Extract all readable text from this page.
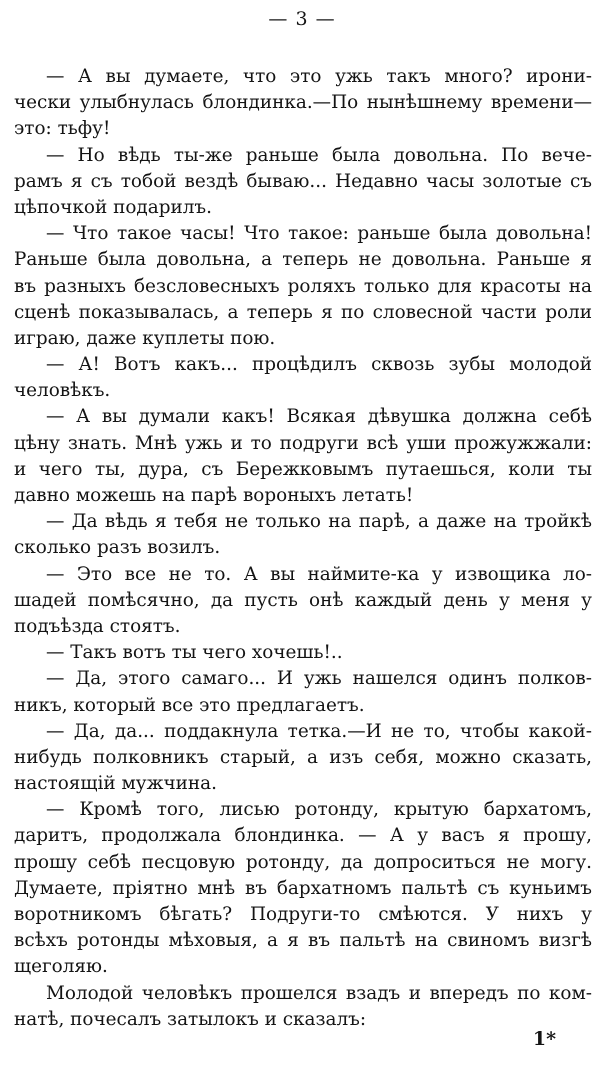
— 3 —
— А вы думаете, что это ужь такъ много? ирони-
чески улыбнулась блондинка.—По нынѣшнему времени—
это: тьфу!
— Но вѣдь ты-же раньше была довольна. По вече-
рамъ я съ тобой вездѣ бываю... Недавно часы золотые съ
цѣпочкой подарилъ.
— Что такое часы! Что такое: раньше была довольна!
Раньше была довольна, а теперь не довольна. Раньше я
въ разныхъ безсловесныхъ роляхъ только для красоты на
сценѣ показывалась, а теперь я по словесной части роли
играю, даже куплеты пою.
— А! Вотъ какъ... процѣдилъ сквозь зубы молодой
человѣкъ.
— А вы думали какъ! Всякая дѣвушка должна себѣ
цѣну знать. Мнѣ ужь и то подруги всѣ уши прожужжали:
и чего ты, дура, съ Бережковымъ путаешься, коли ты
давно можешь на парѣ вороныхъ летать!
— Да вѣдь я тебя не только на парѣ, а даже на тройкѣ
сколько разъ возилъ.
— Это все не то. А вы наймите-ка у извощика ло-
шадей помѣсячно, да пусть онѣ каждый день у меня у
подъѣзда стоятъ.
— Такъ вотъ ты чего хочешь!..
— Да, этого самаго... И ужь нашелся одинъ полков-
никъ, который все это предлагаетъ.
— Да, да... поддакнула тетка.—И не то, чтобы какой-
нибудь полковникъ старый, а изъ себя, можно сказать,
настоящій мужчина.
— Кромѣ того, лисью ротонду, крытую бархатомъ,
даритъ, продолжала блондинка. — А у васъ я прошу,
прошу себѣ песцовую ротонду, да допроситься не могу.
Думаете, пріятно мнѣ въ бархатномъ пальтѣ съ куньимъ
воротникомъ бѣгать? Подруги-то смѣются. У нихъ у
всѣхъ ротонды мѣховыя, а я въ пальтѣ на свиномъ визгѣ
щеголяю.
Молодой человѣкъ прошелся взадъ и впередъ по ком-
натѣ, почесалъ затылокъ и сказалъ:
1*
